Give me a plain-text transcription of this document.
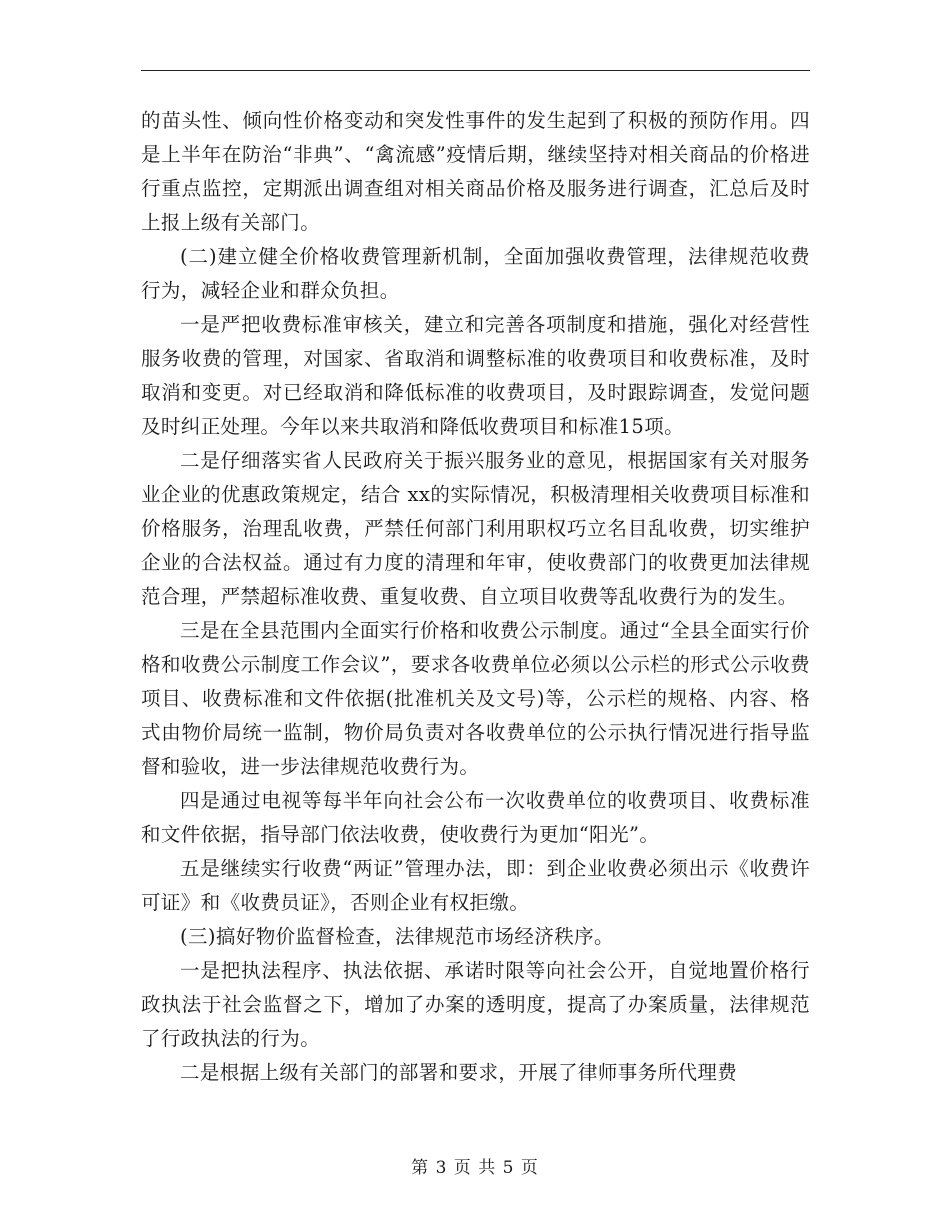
的苗头性、倾向性价格变动和突发性事件的发生起到了积极的预防作用。四是上半年在防治“非典”、“禽流感”疫情后期，继续坚持对相关商品的价格进行重点监控，定期派出调查组对相关商品价格及服务进行调查，汇总后及时上报上级有关部门。

(二)建立健全价格收费管理新机制，全面加强收费管理，法律规范收费行为，减轻企业和群众负担。

一是严把收费标准审核关，建立和完善各项制度和措施，强化对经营性服务收费的管理，对国家、省取消和调整标准的收费项目和收费标准，及时取消和变更。对已经取消和降低标准的收费项目，及时跟踪调查，发觉问题及时纠正处理。今年以来共取消和降低收费项目和标准15项。

二是仔细落实省人民政府关于振兴服务业的意见，根据国家有关对服务业企业的优惠政策规定，结合 xx的实际情况，积极清理相关收费项目标准和价格服务，治理乱收费，严禁任何部门利用职权巧立名目乱收费，切实维护企业的合法权益。通过有力度的清理和年审，使收费部门的收费更加法律规范合理，严禁超标准收费、重复收费、自立项目收费等乱收费行为的发生。

三是在全县范围内全面实行价格和收费公示制度。通过“全县全面实行价格和收费公示制度工作会议”，要求各收费单位必须以公示栏的形式公示收费项目、收费标准和文件依据(批准机关及文号)等，公示栏的规格、内容、格式由物价局统一监制，物价局负责对各收费单位的公示执行情况进行指导监督和验收，进一步法律规范收费行为。

四是通过电视等每半年向社会公布一次收费单位的收费项目、收费标准和文件依据，指导部门依法收费，使收费行为更加“阳光”。

五是继续实行收费“两证”管理办法，即：到企业收费必须出示《收费许可证》和《收费员证》，否则企业有权拒缴。

(三)搞好物价监督检查，法律规范市场经济秩序。

一是把执法程序、执法依据、承诺时限等向社会公开，自觉地置价格行政执法于社会监督之下，增加了办案的透明度，提高了办案质量，法律规范了行政执法的行为。

二是根据上级有关部门的部署和要求，开展了律师事务所代理费

第 3 页 共 5 页
